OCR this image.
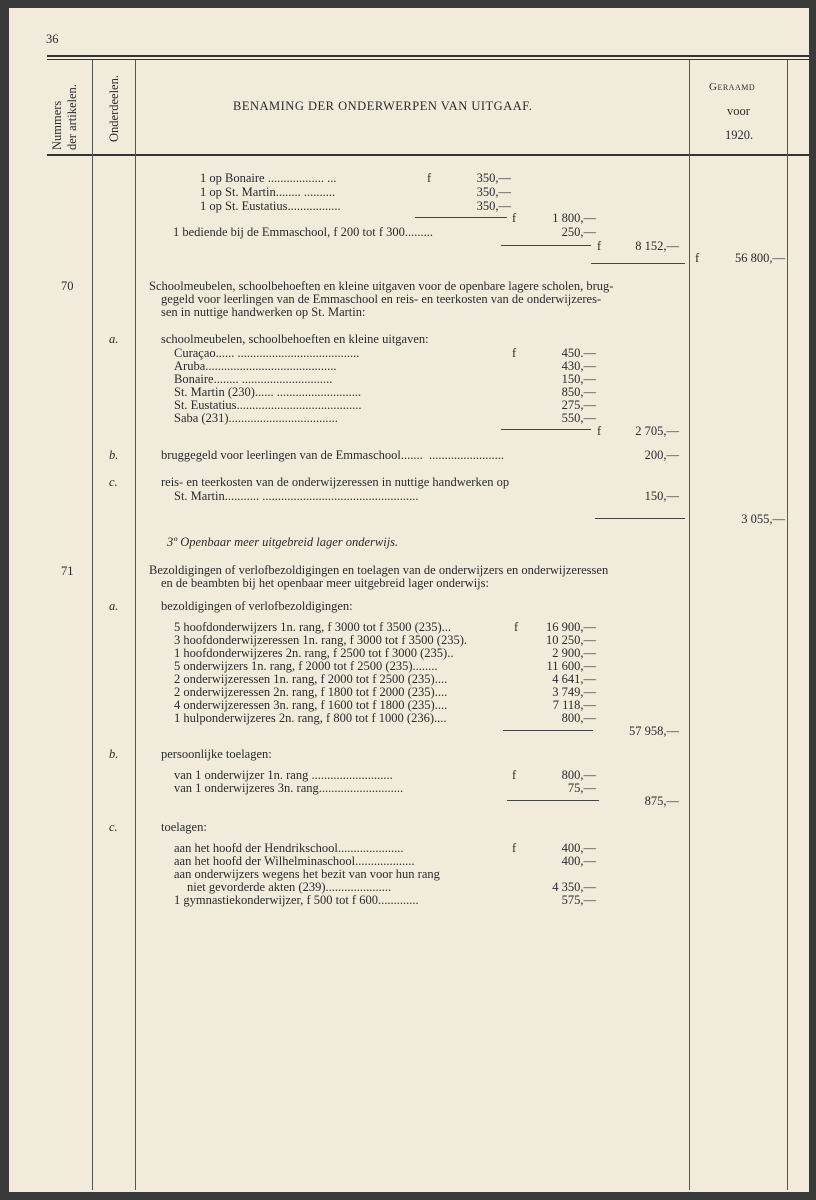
36
Nummers der artikelen. Onderdeelen.	BENAMING DER ONDERWERPEN VAN UITGAAF.
Geraamd
voor
1920.
1 op Bonaire .................. ...	f	350,—
1 op St. Martin........ ..........	350,—
1 op St. Eustatius.................	350,—
f	1 800,—
1 bediende bij de Emmaschool, f 200 tot f 300.........	250,—
f	8 152,—
f	56 800,—
70	Schoolmeubelen, schoolbehoeften en kleine uitgaven voor de openbare lagere scholen, brug-
gegeld voor leerlingen van de Emmaschool en reis- en teerkosten van de onderwijzeres-
sen in nuttige handwerken op St. Martin:
a.	schoolmeubelen, schoolbehoeften en kleine uitgaven:
Curaçao...... .......................................	f	450.—
Aruba..........................................	430,—
Bonaire........ .............................	150,—
St. Martin (230)...... ...........................	850,—
St. Eustatius........................................	275,—
Saba (231)...................................	550,—
f	2 705,—
b.	bruggegeld voor leerlingen van de Emmaschool.......  ........................	200,—
c.	reis- en teerkosten van de onderwijzeressen in nuttige handwerken op
St. Martin........... ..................................................	150,—
3 055,—
3º Openbaar meer uitgebreid lager onderwijs.
71	Bezoldigingen of verlofbezoldigingen en toelagen van de onderwijzers en onderwijzeressen
en de beambten bij het openbaar meer uitgebreid lager onderwijs:
a.	bezoldigingen of verlofbezoldigingen:
5 hoofdonderwijzers 1n. rang, f 3000 tot f 3500 (235)...	f	16 900,—
3 hoofdonderwijzeressen 1n. rang, f 3000 tot f 3500 (235).	10 250,—
1 hoofdonderwijzeres 2n. rang, f 2500 tot f 3000 (235)..	2 900,—
5 onderwijzers 1n. rang, f 2000 tot f 2500 (235)........	11 600,—
2 onderwijzeressen 1n. rang, f 2000 tot f 2500 (235)....	4 641,—
2 onderwijzeressen 2n. rang, f 1800 tot f 2000 (235)....	3 749,—
4 onderwijzeressen 3n. rang, f 1600 tot f 1800 (235)....	7 118,—
1 hulponderwijzeres 2n. rang, f 800 tot f 1000 (236)....	800,—
57 958,—
b.	persoonlijke toelagen:
van 1 onderwijzer 1n. rang ..........................	f	800,—
van 1 onderwijzeres 3n. rang...........................	75,—
875,—
c.	toelagen:
aan het hoofd der Hendrikschool.....................	f	400,—
aan het hoofd der Wilhelminaschool...................	400,—
aan onderwijzers wegens het bezit van voor hun rang
niet gevorderde akten (239).....................	4 350,—
1 gymnastiekonderwijzer, f 500 tot f 600.............	575,—
